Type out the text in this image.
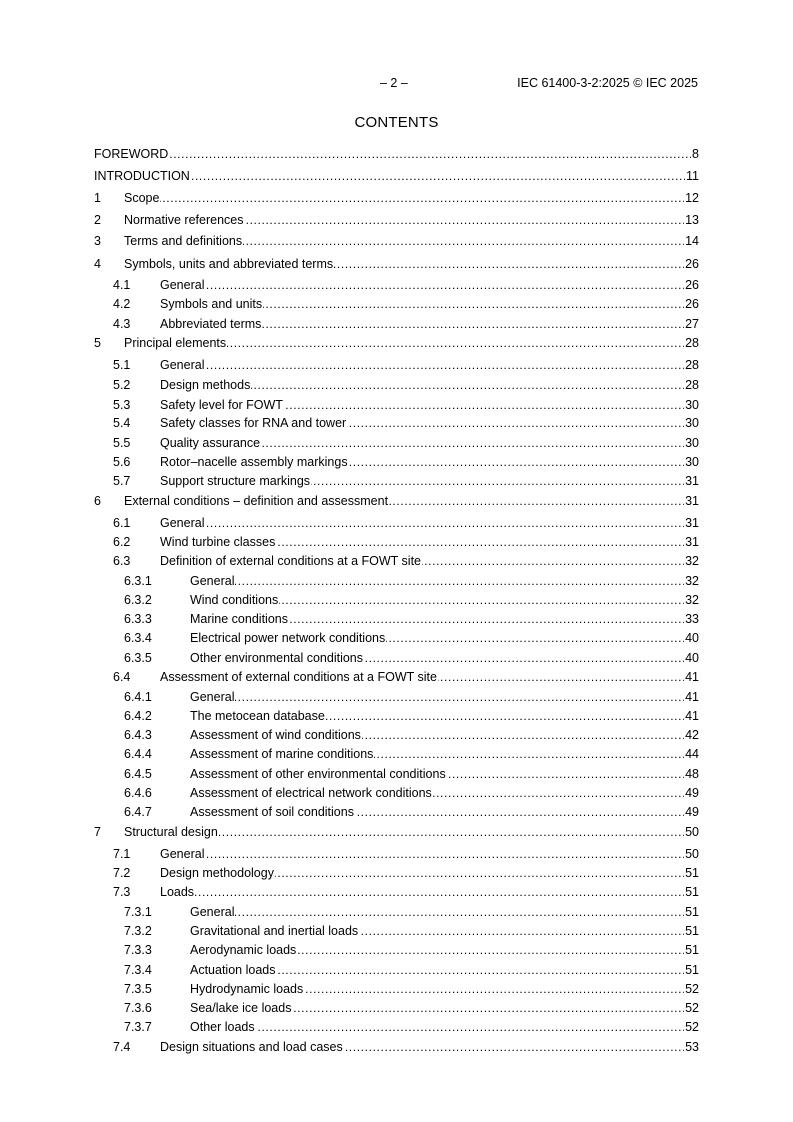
– 2 –	IEC 61400-3-2:2025 © IEC 2025
CONTENTS
FOREWORD . . .	8
INTRODUCTION . . .	11
1	Scope . . .	12
2	Normative references . . .	13
3	Terms and definitions . . .	14
4	Symbols, units and abbreviated terms . . .	26
4.1	General . . .	26
4.2	Symbols and units . . .	26
4.3	Abbreviated terms . . .	27
5	Principal elements . . .	28
5.1	General . . .	28
5.2	Design methods . . .	28
5.3	Safety level for FOWT . . .	30
5.4	Safety classes for RNA and tower . . .	30
5.5	Quality assurance . . .	30
5.6	Rotor–nacelle assembly markings . . .	30
5.7	Support structure markings . . .	31
6	External conditions – definition and assessment . . .	31
6.1	General . . .	31
6.2	Wind turbine classes . . .	31
6.3	Definition of external conditions at a FOWT site . . .	32
6.3.1	General . . .	32
6.3.2	Wind conditions . . .	32
6.3.3	Marine conditions . . .	33
6.3.4	Electrical power network conditions . . .	40
6.3.5	Other environmental conditions . . .	40
6.4	Assessment of external conditions at a FOWT site . . .	41
6.4.1	General . . .	41
6.4.2	The metocean database . . .	41
6.4.3	Assessment of wind conditions . . .	42
6.4.4	Assessment of marine conditions . . .	44
6.4.5	Assessment of other environmental conditions . . .	48
6.4.6	Assessment of electrical network conditions . . .	49
6.4.7	Assessment of soil conditions . . .	49
7	Structural design . . .	50
7.1	General . . .	50
7.2	Design methodology . . .	51
7.3	Loads . . .	51
7.3.1	General . . .	51
7.3.2	Gravitational and inertial loads . . .	51
7.3.3	Aerodynamic loads . . .	51
7.3.4	Actuation loads . . .	51
7.3.5	Hydrodynamic loads . . .	52
7.3.6	Sea/lake ice loads . . .	52
7.3.7	Other loads . . .	52
7.4	Design situations and load cases . . .	53
